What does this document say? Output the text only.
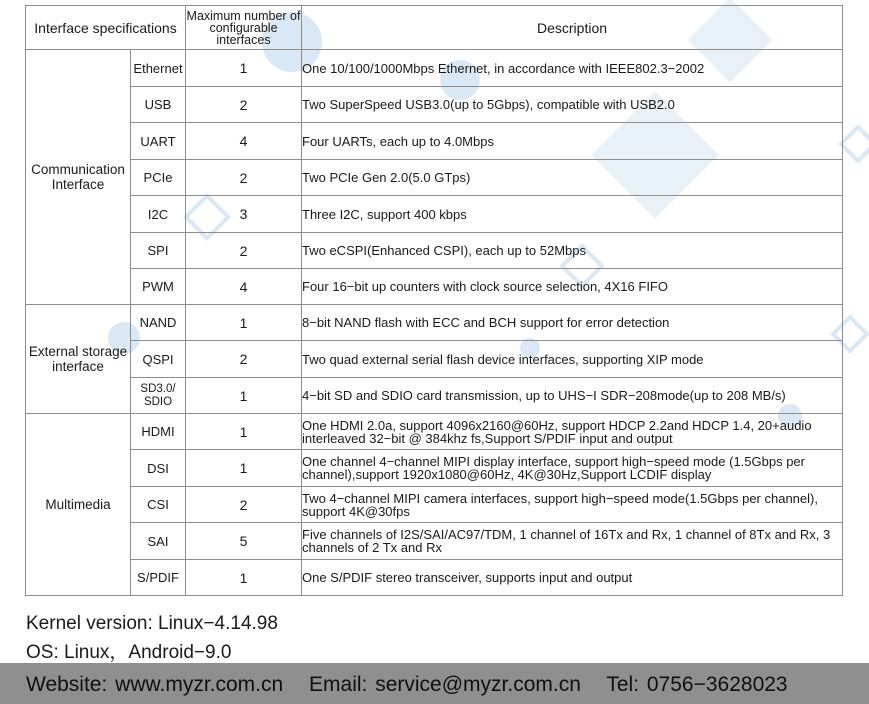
Interface specifications		Maximum number of configurable interfaces	Description
Communication Interface	Ethernet	1	One 10/100/1000Mbps Ethernet, in accordance with IEEE802.3−2002
	USB	2	Two SuperSpeed USB3.0(up to 5Gbps), compatible with USB2.0
	UART	4	Four UARTs, each up to 4.0Mbps
	PCIe	2	Two PCIe Gen 2.0(5.0 GTps)
	I2C	3	Three I2C, support 400 kbps
	SPI	2	Two eCSPI(Enhanced CSPI), each up to 52Mbps
	PWM	4	Four 16−bit up counters with clock source selection, 4X16 FIFO
External storage interface	NAND	1	8−bit NAND flash with ECC and BCH support for error detection
	QSPI	2	Two quad external serial flash device interfaces, supporting XIP mode
	SD3.0/ SDIO	1	4−bit SD and SDIO card transmission, up to UHS−I SDR−208mode(up to 208 MB/s)
Multimedia	HDMI	1	One HDMI 2.0a, support 4096x2160@60Hz, support HDCP 2.2and HDCP 1.4, 20+audio interleaved 32−bit @ 384khz fs,Support S/PDIF input and output
	DSI	1	One channel 4−channel MIPI display interface, support high−speed mode (1.5Gbps per channel),support 1920x1080@60Hz, 4K@30Hz,Support LCDIF display
	CSI	2	Two 4−channel MIPI camera interfaces, support high−speed mode(1.5Gbps per channel), support 4K@30fps
	SAI	5	Five channels of I2S/SAI/AC97/TDM, 1 channel of 16Tx and Rx, 1 channel of 8Tx and Rx, 3 channels of 2 Tx and Rx
	S/PDIF	1	One S/PDIF stereo transceiver, supports input and output
Kernel version: Linux−4.14.98
OS: Linux，Android−9.0
Website: www.myzr.com.cn Email: service@myzr.com.cn Tel: 0756−3628023
